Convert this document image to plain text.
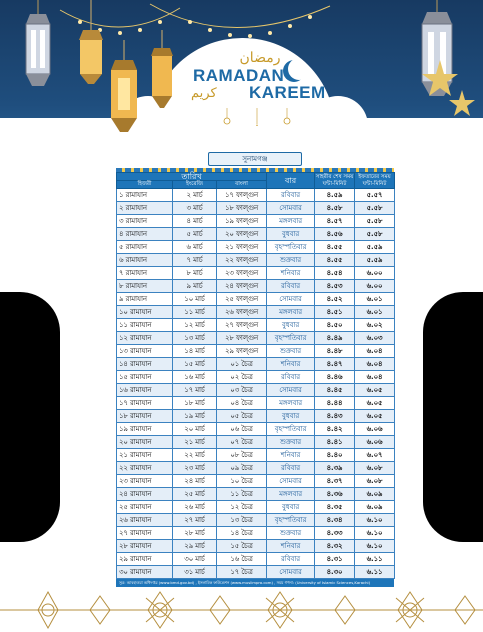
رمضان
RAMADAN
كريم KAREEM
সুনামগঞ্জ
তারিখ			বার	সাহরীর শেষ সময় ঘন্টা-মিনিট	ইফতারের সময় ঘন্টা-মিনিট
হিজরী	ইংরেজি	বাংলা			
১ রামাযান	২ মার্চ	১৭ ফাল্গুন	রবিবার	৪.৫৯	৫.৫৭
২ রামাযান	৩ মার্চ	১৮ ফাল্গুন	সোমবার	৪.৫৮	৫.৫৮
৩ রামাযান	৪ মার্চ	১৯ ফাল্গুন	মঙ্গলবার	৪.৫৭	৫.৫৮
৪ রামাযান	৫ মার্চ	২০ ফাল্গুন	বুধবার	৪.৫৬	৫.৫৮
৫ রামাযান	৬ মার্চ	২১ ফাল্গুন	বৃহস্পতিবার	৪.৫৫	৫.৫৯
৬ রামাযান	৭ মার্চ	২২ ফাল্গুন	শুক্রবার	৪.৫৫	৫.৫৯
৭ রামাযান	৮ মার্চ	২৩ ফাল্গুন	শনিবার	৪.৫৪	৬.০০
৮ রামাযান	৯ মার্চ	২৪ ফাল্গুন	রবিবার	৪.৫৩	৬.০০
৯ রামাযান	১০ মার্চ	২৫ ফাল্গুন	সোমবার	৪.৫২	৬.০১
১০ রামাযান	১১ মার্চ	২৬ ফাল্গুন	মঙ্গলবার	৪.৫১	৬.০১
১১ রামাযান	১২ মার্চ	২৭ ফাল্গুন	বুধবার	৪.৫০	৬.০২
১২ রামাযান	১৩ মার্চ	২৮ ফাল্গুন	বৃহস্পতিবার	৪.৪৯	৬.০৩
১৩ রামাযান	১৪ মার্চ	২৯ ফাল্গুন	শুক্রবার	৪.৪৮	৬.০৪
১৪ রামাযান	১৫ মার্চ	০১ চৈত্র	শনিবার	৪.৪৭	৬.০৪
১৫ রামাযান	১৬ মার্চ	০২ চৈত্র	রবিবার	৪.৪৬	৬.০৪
১৬ রামাযান	১৭ মার্চ	০৩ চৈত্র	সোমবার	৪.৪৫	৬.০৫
১৭ রামাযান	১৮ মার্চ	০৪ চৈত্র	মঙ্গলবার	৪.৪৪	৬.০৫
১৮ রামাযান	১৯ মার্চ	০৫ চৈত্র	বুধবার	৪.৪৩	৬.০৫
১৯ রামাযান	২০ মার্চ	০৬ চৈত্র	বৃহস্পতিবার	৪.৪২	৬.০৬
২০ রামাযান	২১ মার্চ	০৭ চৈত্র	শুক্রবার	৪.৪১	৬.০৬
২১ রামাযান	২২ মার্চ	০৮ চৈত্র	শনিবার	৪.৪০	৬.০৭
২২ রামাযান	২৩ মার্চ	০৯ চৈত্র	রবিবার	৪.৩৯	৬.০৮
২৩ রামাযান	২৪ মার্চ	১০ চৈত্র	সোমবার	৪.৩৭	৬.০৮
২৪ রামাযান	২৫ মার্চ	১১ চৈত্র	মঙ্গলবার	৪.৩৬	৬.০৯
২৫ রামাযান	২৬ মার্চ	১২ চৈত্র	বুধবার	৪.৩৫	৬.০৯
২৬ রামাযান	২৭ মার্চ	১৩ চৈত্র	বৃহস্পতিবার	৪.৩৪	৬.১০
২৭ রামাযান	২৮ মার্চ	১৪ চৈত্র	শুক্রবার	৪.৩৩	৬.১০
২৮ রামাযান	২৯ মার্চ	১৫ চৈত্র	শনিবার	৪.৩২	৬.১০
২৯ রামাযান	৩০ মার্চ	১৬ চৈত্র	রবিবার	৪.৩১	৬.১১
৩০ রামাযান	৩১ মার্চ	১৭ চৈত্র	সোমবার	৪.৩০	৬.১১
সূত্র: আবহাওয়া অধিদপ্তর (www.bmd.gov.bd) , ইসলামিক ফাউন্ডেশন (www.muslimpro.com) , সময় গণনা: (University of Islamic Sciences,Karachi)
